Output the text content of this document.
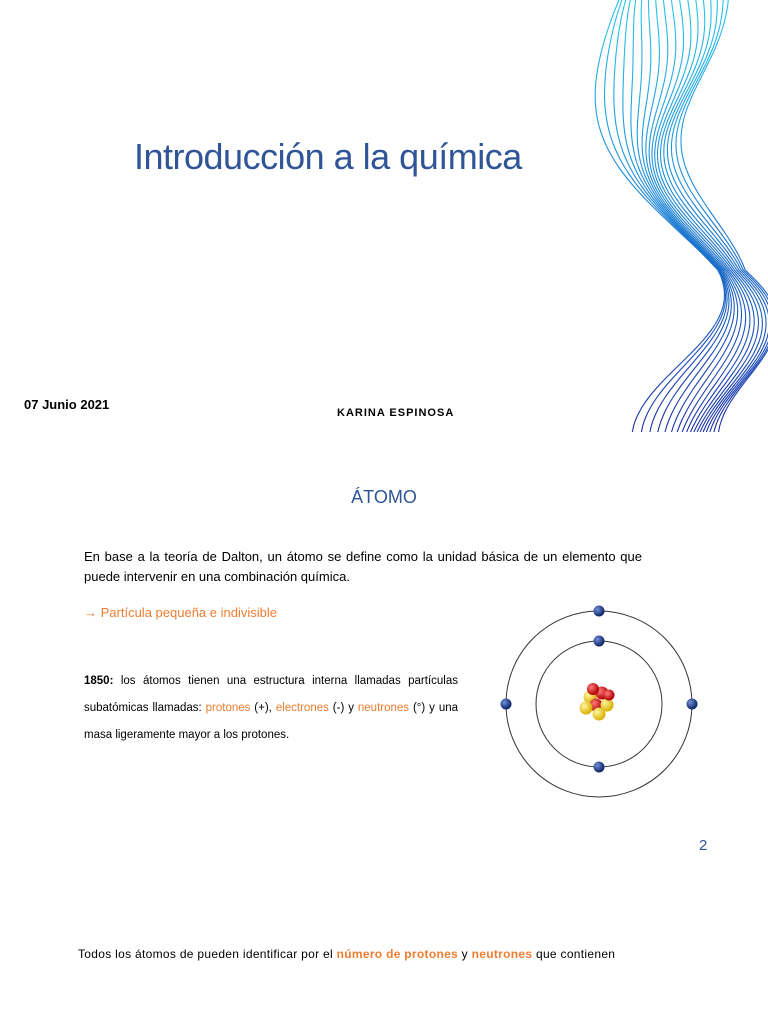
Introducción a la química
07 Junio 2021
KARINA ESPINOSA
ÁTOMO
En base a la teoría de Dalton, un átomo se define como la unidad básica de un elemento que puede intervenir en una combinación química.
→ Partícula pequeña e indivisible
1850: los átomos tienen una estructura interna llamadas partículas subatómicas llamadas: protones (+), electrones (-) y neutrones (°) y una masa ligeramente mayor a los protones.
2
Todos los átomos de pueden identificar por el número de protones y neutrones que contienen
